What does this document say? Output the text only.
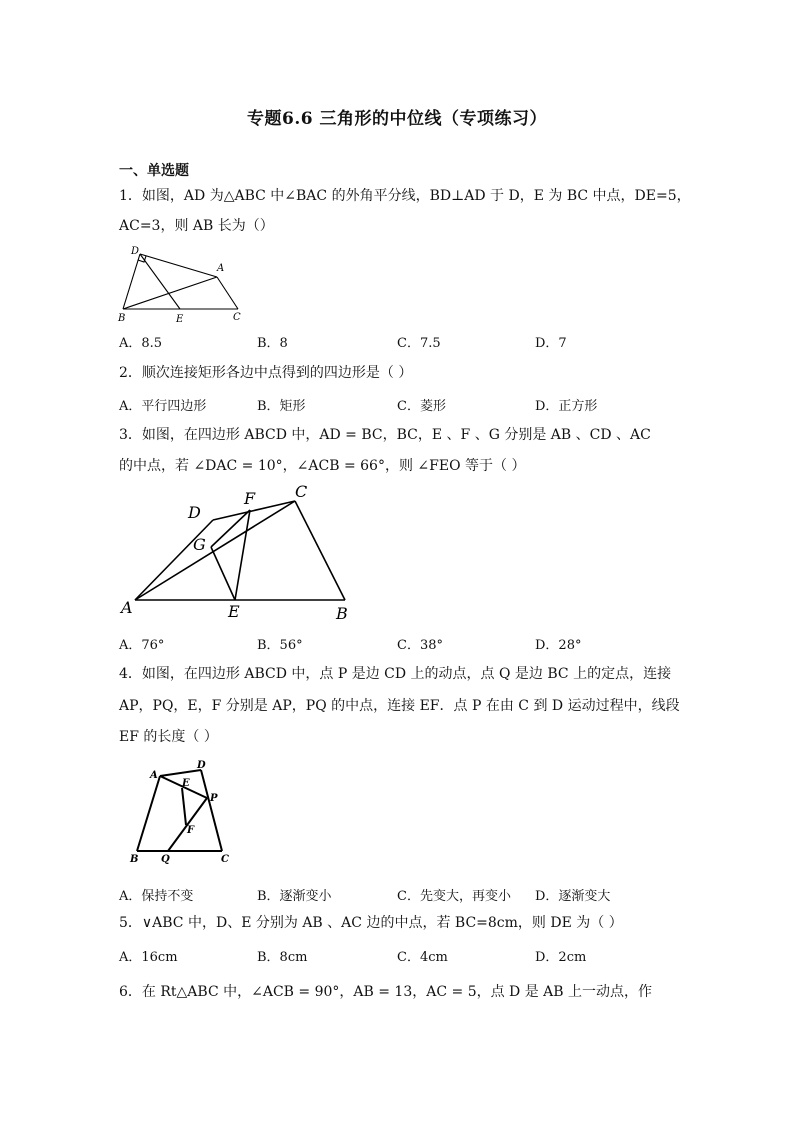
专题6.6 三角形的中位线（专项练习）
一、单选题
1．如图，AD 为△ABC 中∠BAC 的外角平分线，BD⊥AD 于 D，E 为 BC 中点，DE=5，
AC=3，则 AB 长为（）
D
A
B	E	C
A．8.5	B．8	C．7.5	D．7
2．顺次连接矩形各边中点得到的四边形是（ ）
A．平行四边形	B．矩形	C．菱形	D．正方形
3．如图，在四边形 ABCD 中，AD = BC，BC，E 、F 、G 分别是 AB 、CD 、AC
的中点，若 ∠DAC = 10°，∠ACB = 66°，则 ∠FEO 等于（ ）
D
F C
G
A	E	B
A．76°	B．56°	C．38°	D．28°
4．如图，在四边形 ABCD 中，点 P 是边 CD 上的动点，点 Q 是边 BC 上的定点，连接
AP，PQ，E，F 分别是 AP，PQ 的中点，连接 EF．点 P 在由 C 到 D 运动过程中，线段
EF 的长度（ ）
A
D
E
P
F
B Q	C
A．保持不变	B．逐渐变小	C．先变大，再变小 D．逐渐变大
5．∨ABC 中，D、E 分别为 AB 、AC 边的中点，若 BC=8cm，则 DE 为（ ）
A．16cm	B．8cm	C．4cm	D．2cm
6．在 Rt△ABC 中，∠ACB = 90°，AB = 13，AC = 5，点 D 是 AB 上一动点，作
